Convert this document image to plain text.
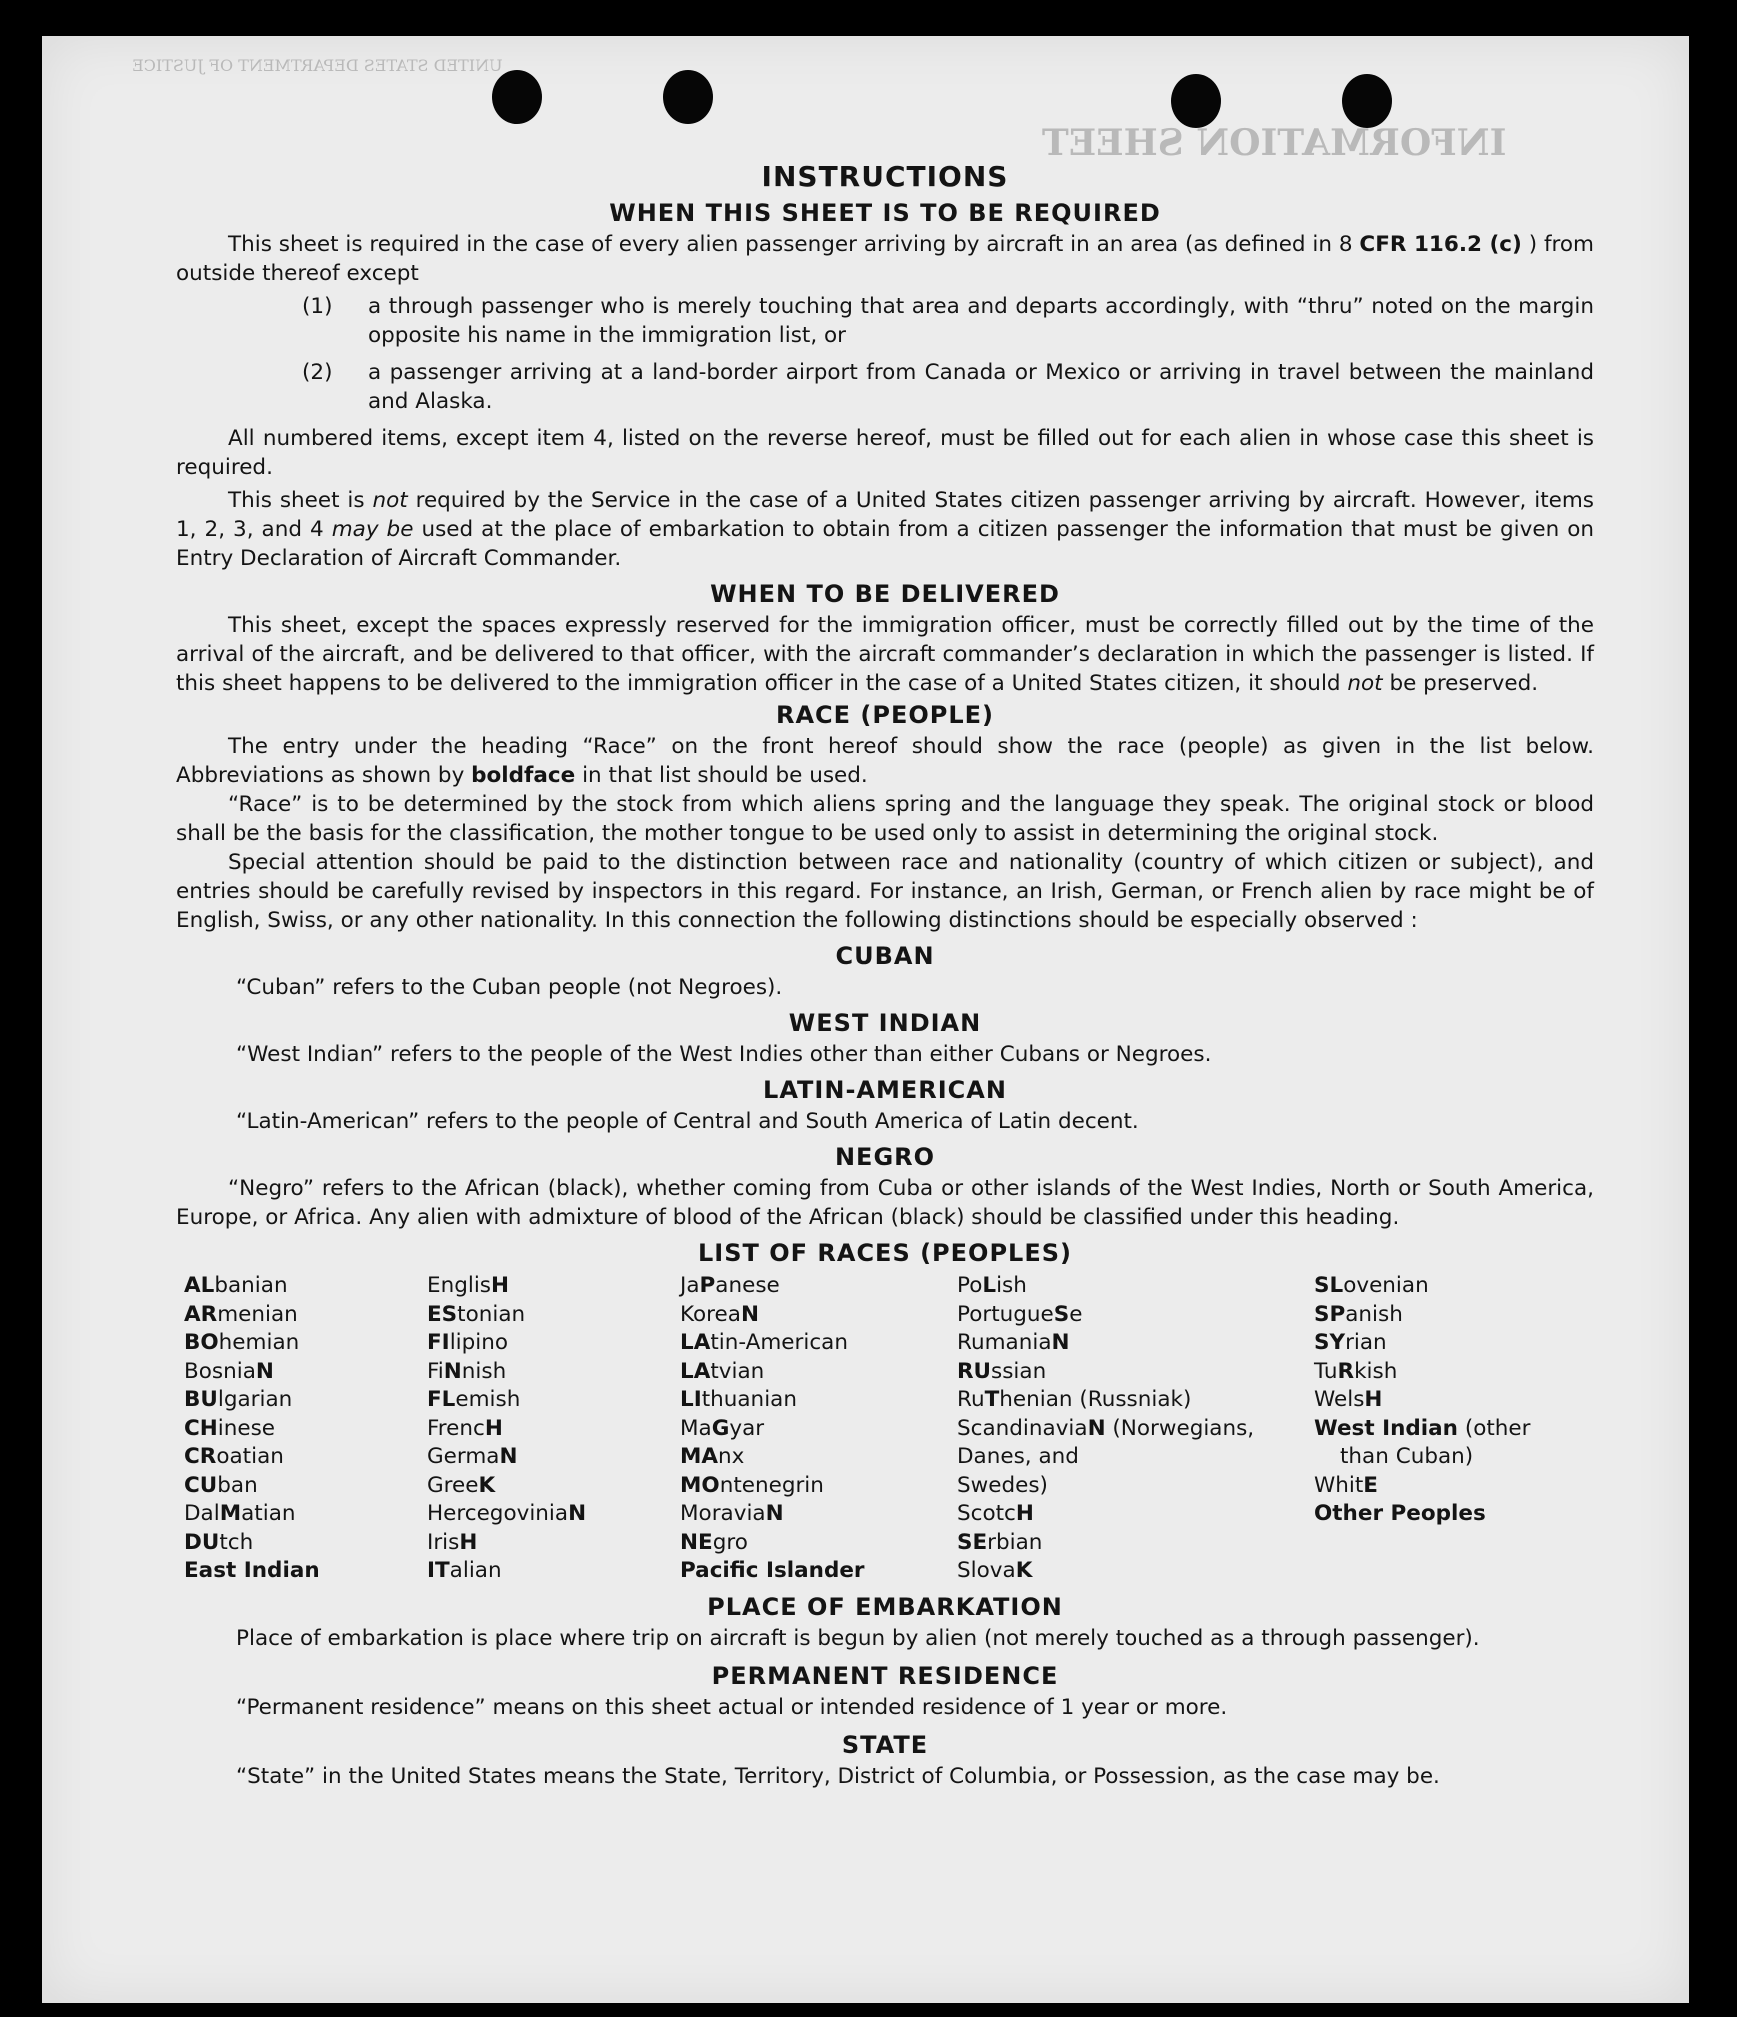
INFORMATION SHEET
UNITED STATES DEPARTMENT OF JUSTICE
INSTRUCTIONS
WHEN THIS SHEET IS TO BE REQUIRED

This sheet is required in the case of every alien passenger arriving by aircraft in an area (as defined in 8 CFR 116.2 (c) ) from outside thereof except

(1)	a through passenger who is merely touching that area and departs accordingly, with “thru” noted on the margin opposite his name in the immigration list, or
(2)	a passenger arriving at a land-border airport from Canada or Mexico or arriving in travel between the mainland and Alaska.

All numbered items, except item 4, listed on the reverse hereof, must be filled out for each alien in whose case this sheet is required.

This sheet is not required by the Service in the case of a United States citizen passenger arriving by aircraft. However, items 1, 2, 3, and 4 may be used at the place of embarkation to obtain from a citizen passenger the information that must be given on Entry Declaration of Aircraft Commander.

WHEN TO BE DELIVERED

This sheet, except the spaces expressly reserved for the immigration officer, must be correctly filled out by the time of the arrival of the aircraft, and be delivered to that officer, with the aircraft commander’s declaration in which the passenger is listed. If this sheet happens to be delivered to the immigration officer in the case of a United States citizen, it should not be preserved.

RACE (PEOPLE)

The entry under the heading “Race” on the front hereof should show the race (people) as given in the list below. Abbreviations as shown by boldface in that list should be used.

“Race” is to be determined by the stock from which aliens spring and the language they speak. The original stock or blood shall be the basis for the classification, the mother tongue to be used only to assist in determining the original stock.

Special attention should be paid to the distinction between race and nationality (country of which citizen or subject), and entries should be carefully revised by inspectors in this regard. For instance, an Irish, German, or French alien by race might be of English, Swiss, or any other nationality. In this connection the following distinctions should be especially observed :

CUBAN

“Cuban” refers to the Cuban people (not Negroes).

WEST INDIAN

“West Indian” refers to the people of the West Indies other than either Cubans or Negroes.

LATIN-AMERICAN

“Latin-American” refers to the people of Central and South America of Latin decent.

NEGRO

“Negro” refers to the African (black), whether coming from Cuba or other islands of the West Indies, North or South America, Europe, or Africa. Any alien with admixture of blood of the African (black) should be classified under this heading.

LIST OF RACES (PEOPLES)
ALbanian
ARmenian
BOhemian
BosniaN
BUlgarian
CHinese
CRoatian
CUban
DalMatian
DUtch
East Indian
EnglisH
EStonian
FIlipino
FiNnish
FLemish
FrencH
GermaN
GreeK
HercegoviniaN
IrisH
ITalian
JaPanese
KoreaN
LAtin-American
LAtvian
LIthuanian
MaGyar
MAnx
MOntenegrin
MoraviaN
NEgro
Pacific Islander
PoLish
PortugueSe
RumaniaN
RUssian
RuThenian (Russniak)
ScandinaviaN (Norwegians,
Danes, and
Swedes)
ScotcH
SErbian
SlovaK
SLovenian
SPanish
SYrian
TuRkish
WelsH
West Indian (other
than Cuban)
WhitE
Other Peoples
PLACE OF EMBARKATION

Place of embarkation is place where trip on aircraft is begun by alien (not merely touched as a through passenger).

PERMANENT RESIDENCE

“Permanent residence” means on this sheet actual or intended residence of 1 year or more.

STATE

“State” in the United States means the State, Territory, District of Columbia, or Possession, as the case may be.
